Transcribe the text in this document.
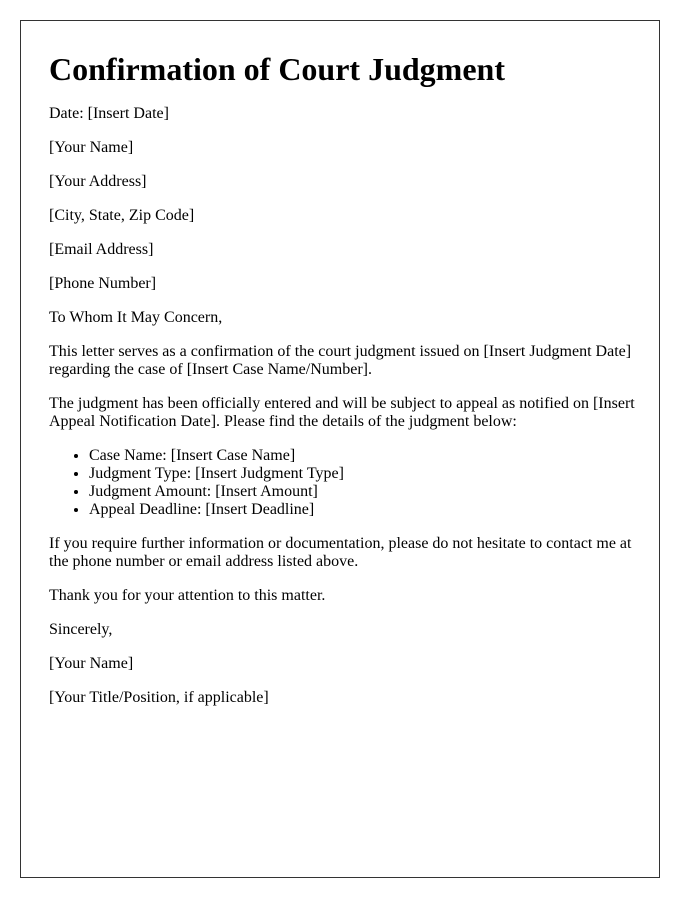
Confirmation of Court Judgment

Date: [Insert Date]

[Your Name]

[Your Address]

[City, State, Zip Code]

[Email Address]

[Phone Number]

To Whom It May Concern,

This letter serves as a confirmation of the court judgment issued on [Insert Judgment Date] regarding the case of [Insert Case Name/Number].

The judgment has been officially entered and will be subject to appeal as notified on [Insert Appeal Notification Date]. Please find the details of the judgment below:

• Case Name: [Insert Case Name]
• Judgment Type: [Insert Judgment Type]
• Judgment Amount: [Insert Amount]
• Appeal Deadline: [Insert Deadline]

If you require further information or documentation, please do not hesitate to contact me at the phone number or email address listed above.

Thank you for your attention to this matter.

Sincerely,

[Your Name]

[Your Title/Position, if applicable]
